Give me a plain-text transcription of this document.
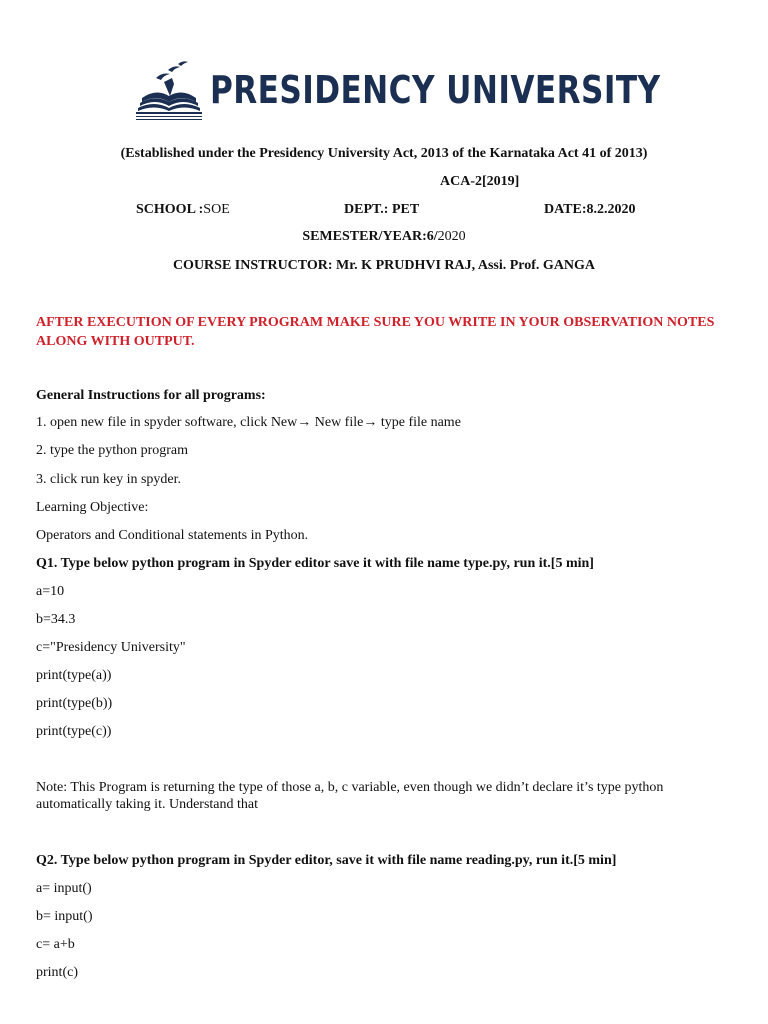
PRESIDENCY UNIVERSITY
(Established under the Presidency University Act, 2013 of the Karnataka Act 41 of 2013)
ACA-2[2019]
SCHOOL :SOE	DEPT.: PET	DATE:8.2.2020
SEMESTER/YEAR:6/2020
COURSE INSTRUCTOR: Mr. K PRUDHVI RAJ, Assi. Prof. GANGA
AFTER EXECUTION OF EVERY PROGRAM MAKE SURE YOU WRITE IN YOUR OBSERVATION NOTES ALONG WITH OUTPUT.
General Instructions for all programs:
1. open new file in spyder software, click New→ New file→ type file name
2. type the python program
3. click run key in spyder.
Learning Objective:
Operators and Conditional statements in Python.
Q1. Type below python program in Spyder editor save it with file name type.py, run it.[5 min]
a=10
b=34.3
c="Presidency University"
print(type(a))
print(type(b))
print(type(c))
Note: This Program is returning the type of those a, b, c variable, even though we didn’t declare it’s type python automatically taking it. Understand that
Q2. Type below python program in Spyder editor, save it with file name reading.py, run it.[5 min]
a= input()
b= input()
c= a+b
print(c)
